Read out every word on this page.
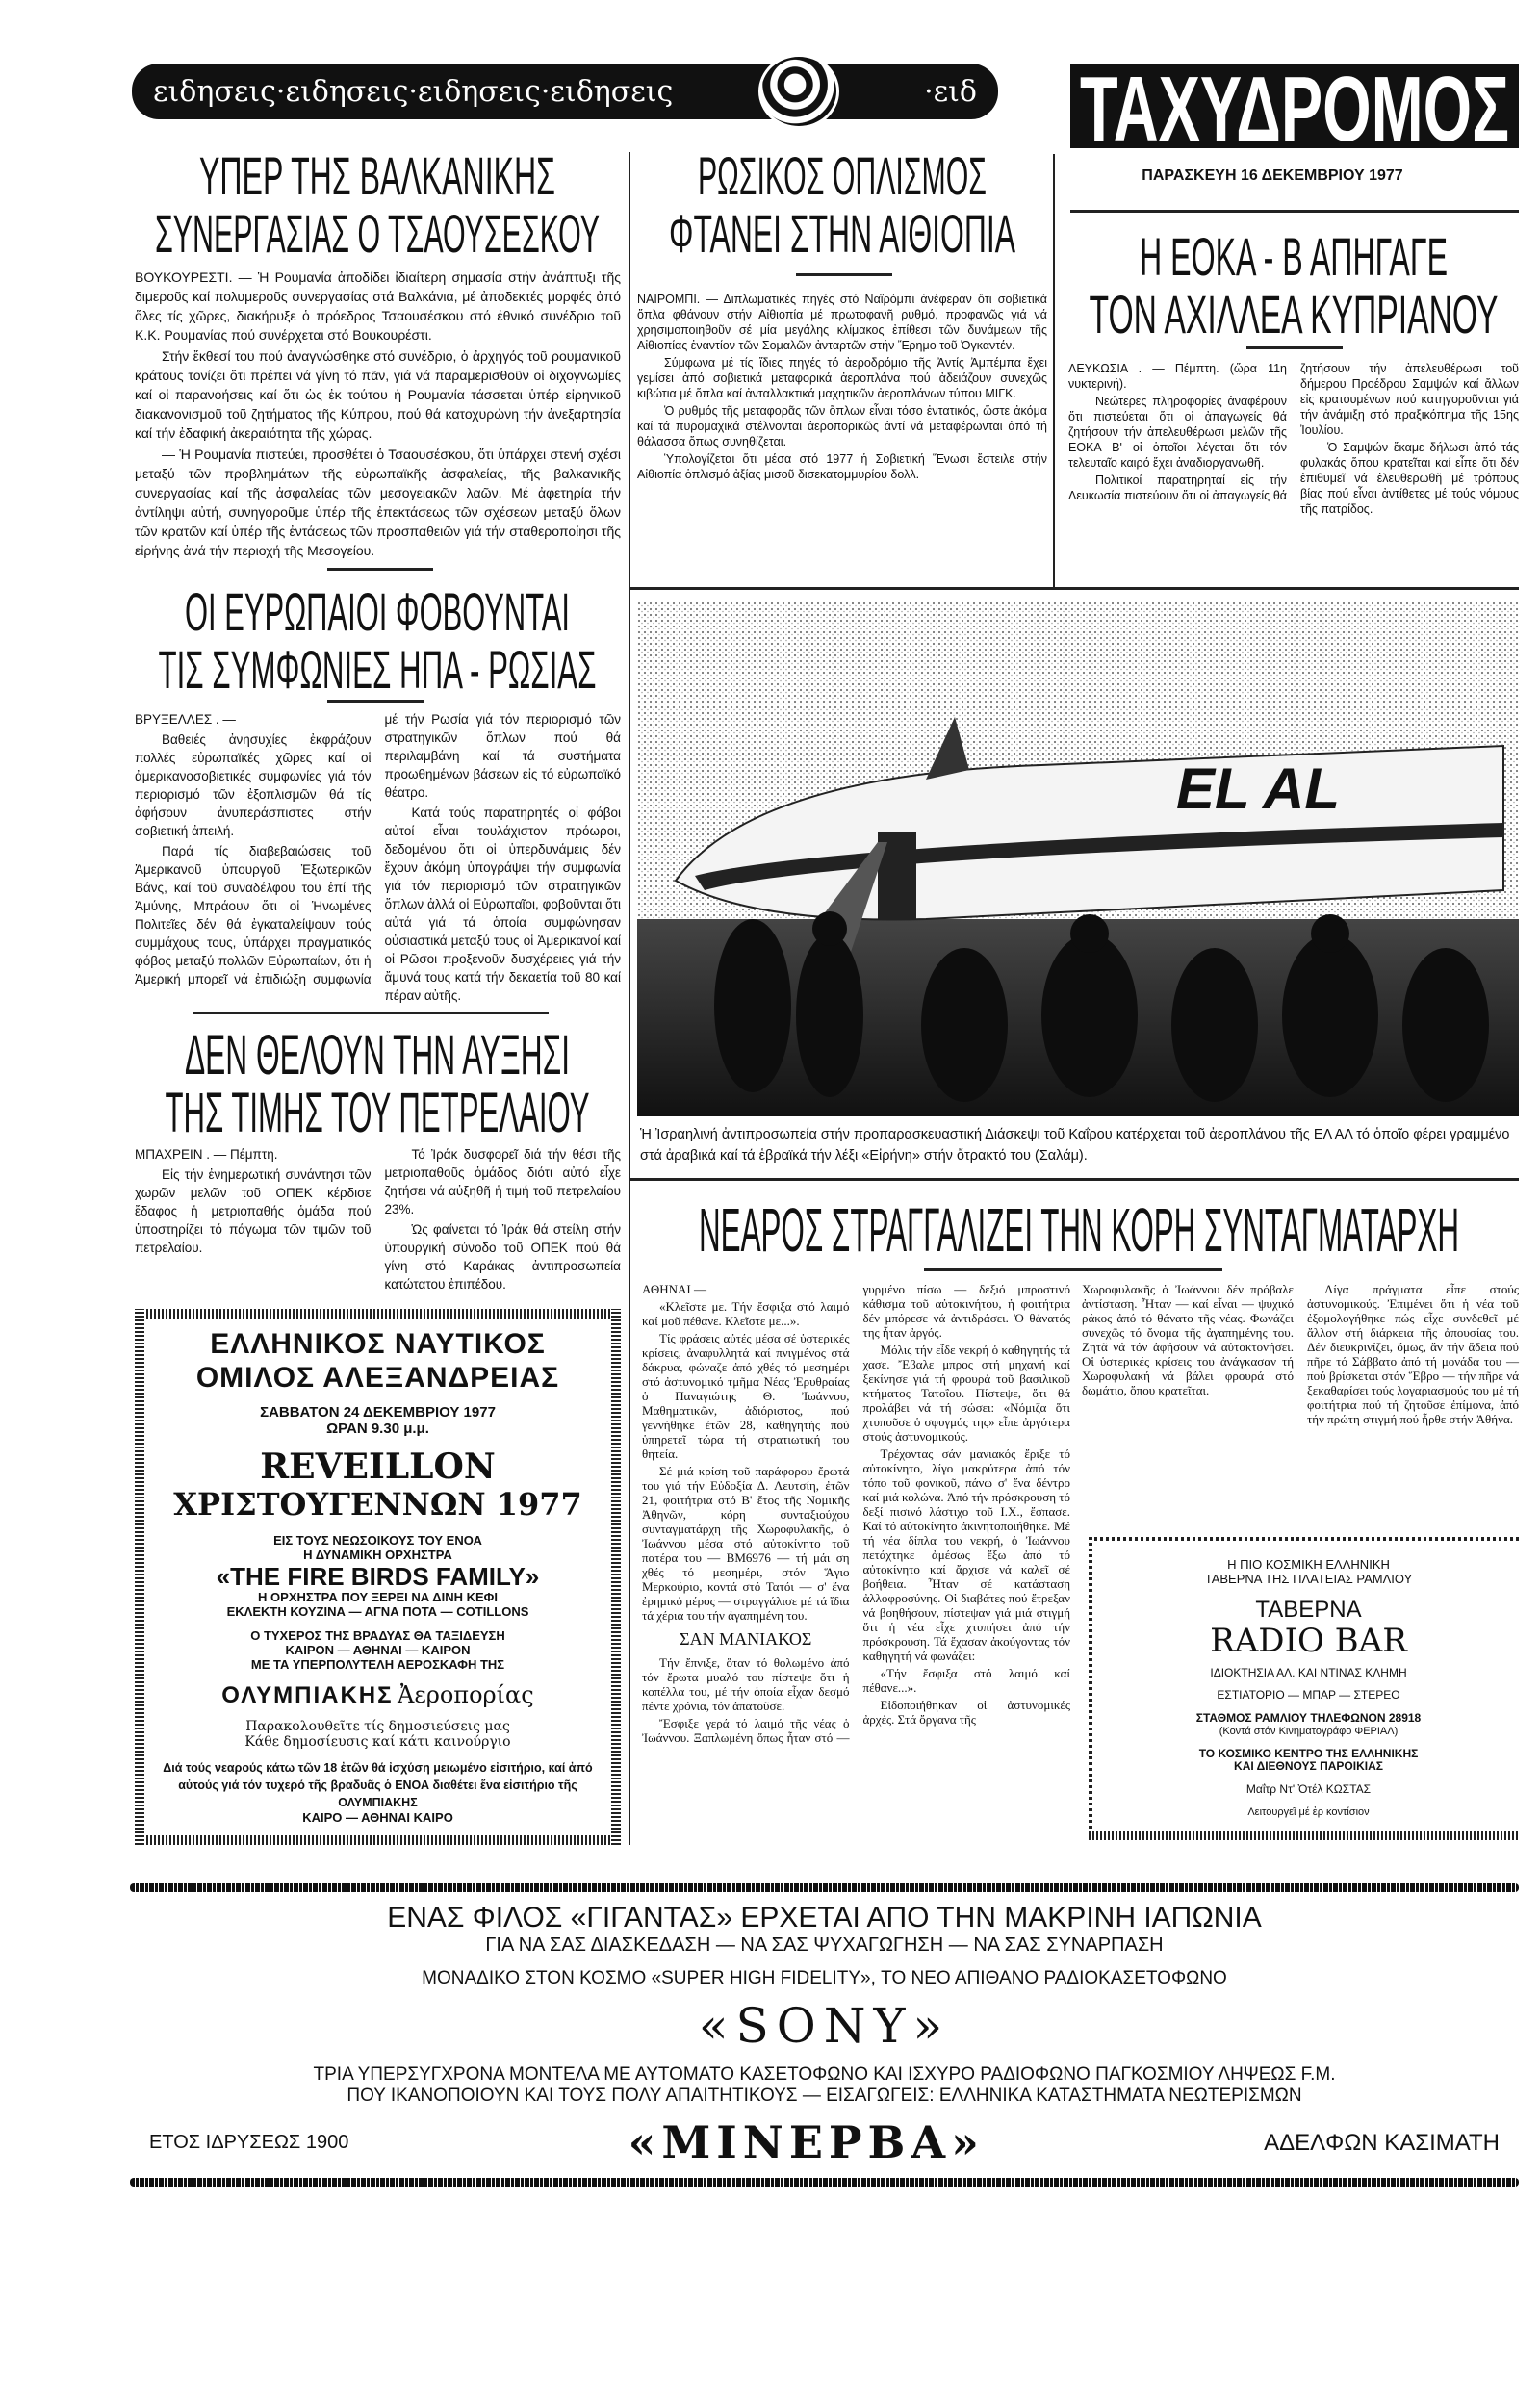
ειδησεις·ειδησεις·ειδησεις·ειδησεις	·ειδ ΤΑΧΥΔΡΟΜΟΣ
ΠΑΡΑΣΚΕΥΗ 16 ΔΕΚΕΜΒΡΙΟΥ 1977
ΡΩΣΙΚΟΣ ΟΠΛΙΣΜΟΣ
ΦΤΑΝΕΙ ΣΤΗΝ ΑΙΘΙΟΠΙΑ

ΝΑΙΡΟΜΠΙ. — Διπλωματικές πηγές στό Ναϊρόμπι ἀνέφεραν ὅτι σοβιετικά ὅπλα φθάνουν στήν Αἰθιοπία μέ πρωτοφανῆ ρυθμό, προφανῶς γιά νά χρησιμοποιηθοῦν σέ μία μεγάλης κλίμακος ἐπίθεσι τῶν δυνάμεων τῆς Αἰθιοπίας ἐναντίον τῶν Σομαλῶν ἀνταρτῶν στήν Ἔρημο τοῦ Ὀγκαντέν.

Σύμφωνα μέ τίς ἴδιες πηγές τό ἀεροδρόμιο τῆς Ἀντίς Ἀμπέμπα ἔχει γεμίσει ἀπό σοβιετικά μεταφορικά ἀεροπλάνα πού ἀδειάζουν συνεχῶς κιβώτια μέ ὅπλα καί ἀνταλλακτικά μαχητικῶν ἀεροπλάνων τύπου ΜΙΓΚ.

Ὁ ρυθμός τῆς μεταφορᾶς τῶν ὅπλων εἶναι τόσο ἐντατικός, ὥστε ἀκόμα καί τά πυρομαχικά στέλνονται ἀεροπορικῶς ἀντί νά μεταφέρωνται ἀπό τή θάλασσα ὅπως συνηθίζεται.

Ὑπολογίζεται ὅτι μέσα στό 1977 ἡ Σοβιετική Ἕνωσι ἔστειλε στήν Αἰθιοπία ὁπλισμό ἀξίας μισοῦ δισεκατομμυρίου δολλ.

Η ΕΟΚΑ - Β ΑΠΗΓΑΓΕ
ΤΟΝ ΑΧΙΛΛΕΑ ΚΥΠΡΙΑΝΟΥ

ΛΕΥΚΩΣΙΑ . — Πέμπτη. (ὥρα 11η νυκτερινή).

Νεώτερες πληροφορίες ἀναφέρουν ὅτι πιστεύεται ὅτι οἱ ἀπαγωγείς θά ζητήσουν τήν ἀπελευθέρωσι μελῶν τῆς ΕΟΚΑ Β' οἱ ὁποῖοι λέγεται ὅτι τόν τελευταῖο καιρό ἔχει ἀναδιοργανωθῆ.

Πολιτικοί παρατηρηταί εἰς τήν Λευκωσία πιστεύουν ὅτι οἱ ἀπαγωγείς θά ζητήσουν τήν ἀπελευθέρωσι τοῦ δήμερου Προέδρου Σαμψών καί ἄλλων εἰς κρατουμένων πού κατηγοροῦνται γιά τήν ἀνάμιξη στό πραξικόπημα τῆς 15ης Ἰουλίου.

Ὁ Σαμψών ἔκαμε δήλωσι ἀπό τάς φυλακάς ὅπου κρατεῖται καί εἶπε ὅτι δέν ἐπιθυμεῖ νά ἐλευθερωθῆ μέ τρόπους βίας πού εἶναι ἀντίθετες μέ τούς νόμους τῆς πατρίδος.

EL AL
Ἡ Ἰσραηλινή ἀντιπροσωπεία στήν προπαρασκευαστική Διάσκεψι τοῦ Καΐρου κατέρχεται τοῦ ἀεροπλάνου τῆς ΕΛ ΑΛ τό ὁποῖο φέρει γραμμένο στά ἀραβικά καί τά ἑβραϊκά τήν λέξι «Εἰρήνη» στήν ὄτρακτό του (Σαλάμ).
ΝΕΑΡΟΣ ΣΤΡΑΓΓΑΛΙΖΕΙ ΤΗΝ ΚΟΡΗ ΣΥΝΤΑΓΜΑΤΑΡΧΗ

ΑΘΗΝΑΙ —

«Κλεῖστε με. Τήν ἔσφιξα στό λαιμό καί μοῦ πέθανε. Κλεῖστε με...».

Τίς φράσεις αὐτές μέσα σέ ὑστερικές κρίσεις, ἀναφυλλητά καί πνιγμένος στά δάκρυα, φώναζε ἀπό χθές τό μεσημέρι στό ἀστυνομικό τμῆμα Νέας Ἐρυθραίας ὁ Παναγιώτης Θ. Ἰωάννου, Μαθηματικῶν, ἀδιόριστος, πού γεννήθηκε ἐτῶν 28, καθηγητής πού ὑπηρετεῖ τώρα τή στρατιωτική του θητεία.

Σέ μιά κρίση τοῦ παράφορου ἔρωτά του γιά τήν Εὐδοξία Δ. Λευτσίη, ἐτῶν 21, φοιτήτρια στό Β' ἔτος τῆς Νομικῆς Ἀθηνῶν, κόρη συνταξιούχου συνταγματάρχη τῆς Χωροφυλακῆς, ὁ Ἰωάννου μέσα στό αὐτοκίνητο τοῦ πατέρα του — ΒΜ6976 — τή μάι ση χθές τό μεσημέρι, στόν Ἅγιο Μερκούριο, κοντά στό Τατόι — σ' ἕνα ἐρημικό μέρος — στραγγάλισε μέ τά ἴδια τά χέρια του τήν ἀγαπημένη του.

ΣΑΝ ΜΑΝΙΑΚΟΣ

Τήν ἔπνιξε, ὅταν τό θολωμένο ἀπό τόν ἔρωτα μυαλό του πίστεψε ὅτι ἡ κοπέλλα του, μέ τήν ὁποία εἶχαν δεσμό πέντε χρόνια, τόν ἀπατοῦσε.

Ἔσφιξε γερά τό λαιμό τῆς νέας ὁ Ἰωάννου. Ξαπλωμένη ὅπως ἦταν στό — γυρμένο πίσω — δεξιό μπροστινό κάθισμα τοῦ αὐτοκινήτου, ἡ φοιτήτρια δέν μπόρεσε νά ἀντιδράσει. Ὁ θάνατός της ἦταν ἀργός.

Μόλις τήν εἶδε νεκρή ὁ καθηγητής τά χασε. Ἔβαλε μπρος στή μηχανή καί ξεκίνησε γιά τή φρουρά τοῦ βασιλικοῦ κτήματος Τατοΐου. Πίστεψε, ὅτι θά προλάβει νά τή σώσει: «Νόμιζα ὅτι χτυποῦσε ὁ σφυγμός της» εἶπε ἀργότερα στούς ἀστυνομικούς.

Τρέχοντας σάν μανιακός ἔριξε τό αὐτοκίνητο, λίγο μακρύτερα ἀπό τόν τόπο τοῦ φονικοῦ, πάνω σ' ἕνα δέντρο καί μιά κολώνα. Ἀπό τήν πρόσκρουση τό δεξί πισινό λάστιχο τοῦ Ι.Χ., ἔσπασε. Καί τό αὐτοκίνητο ἀκινητοποιήθηκε. Μέ τή νέα δίπλα του νεκρή, ὁ Ἰωάννου πετάχτηκε ἀμέσως ἔξω ἀπό τό αὐτοκίνητο καί ἄρχισε νά καλεῖ σέ βοήθεια. Ἦταν σέ κατάσταση ἀλλοφροσύνης. Οἱ διαβάτες πού ἔτρεξαν νά βοηθήσουν, πίστεψαν γιά μιά στιγμή ὅτι ἡ νέα εἶχε χτυπήσει ἀπό τήν πρόσκρουση. Τά ἔχασαν ἀκούγοντας τόν καθηγητή νά φωνάζει:

«Τήν ἔσφιξα στό λαιμό καί πέθανε...».

Εἰδοποιήθηκαν οἱ ἀστυνομικές ἀρχές. Στά ὄργανα τῆς

Χωροφυλακῆς ὁ Ἰωάννου δέν πρόβαλε ἀντίσταση. Ἦταν — καί εἶναι — ψυχικό ράκος ἀπό τό θάνατο τῆς νέας. Φωνάζει συνεχῶς τό ὄνομα τῆς ἀγαπημένης του. Ζητᾶ νά τόν ἀφήσουν νά αὐτοκτονήσει. Οἱ ὑστερικές κρίσεις του ἀνάγκασαν τή Χωροφυλακή νά βάλει φρουρά στό δωμάτιο, ὅπου κρατεῖται.

Λίγα πράγματα εἶπε στούς ἀστυνομικούς. Ἐπιμένει ὅτι ἡ νέα τοῦ ἐξομολογήθηκε πώς εἶχε συνδεθεῖ μέ ἄλλον στή διάρκεια τῆς ἀπουσίας του. Δέν διευκρινίζει, ὅμως, ἄν τήν ἄδεια πού πῆρε τό Σάββατο ἀπό τή μονάδα του — πού βρίσκεται στόν Ἕβρο — τήν πῆρε νά ξεκαθαρίσει τούς λογαριασμούς του μέ τή φοιτήτρια πού τή ζητοῦσε ἐπίμονα, ἀπό τήν πρώτη στιγμή πού ἦρθε στήν Ἀθήνα.

Η ΠΙΟ ΚΟΣΜΙΚΗ ΕΛΛΗΝΙΚΗ
ΤΑΒΕΡΝΑ ΤΗΣ ΠΛΑΤΕΙΑΣ ΡΑΜΛΙΟΥ
ΤΑΒΕΡΝΑ
RADIO BAR
ΙΔΙΟΚΤΗΣΙΑ ΑΛ. ΚΑΙ ΝΤΙΝΑΣ ΚΛΗΜΗ
ΕΣΤΙΑΤΟΡΙΟ — ΜΠΑΡ — ΣΤΕΡΕΟ
ΣΤΑΘΜΟΣ ΡΑΜΛΙΟΥ ΤΗΛΕΦΩΝΟΝ 28918
(Κοντά στόν Κινηματογράφο ΦΕΡΙΑΛ)
ΤΟ ΚΟΣΜΙΚΟ ΚΕΝΤΡΟ ΤΗΣ ΕΛΛΗΝΙΚΗΣ
ΚΑΙ ΔΙΕΘΝΟΥΣ ΠΑΡΟΙΚΙΑΣ
Μαΐτρ Ντ' Ὀτέλ ΚΩΣΤΑΣ
Λειτουργεῖ μέ ἐρ κοντίσιον
ΥΠΕΡ ΤΗΣ ΒΑΛΚΑΝΙΚΗΣ
ΣΥΝΕΡΓΑΣΙΑΣ Ο ΤΣΑΟΥΣΕΣΚΟΥ

ΒΟΥΚΟΥΡΕΣΤΙ. — Ἡ Ρουμανία ἀποδίδει ἰδιαίτερη σημασία στήν ἀνάπτυξι τῆς διμεροῦς καί πολυμεροῦς συνεργασίας στά Βαλκάνια, μέ ἀποδεκτές μορφές ἀπό ὅλες τίς χῶρες, διακήρυξε ὁ πρόεδρος Τσαουσέσκου στό ἐθνικό συνέδριο τοῦ Κ.Κ. Ρουμανίας πού συνέρχεται στό Βουκουρέστι.

Στήν ἔκθεσί του πού ἀναγνώσθηκε στό συνέδριο, ὁ ἀρχηγός τοῦ ρουμανικοῦ κράτους τονίζει ὅτι πρέπει νά γίνη τό πᾶν, γιά νά παραμερισθοῦν οἱ διχογνωμίες καί οἱ παρανοήσεις καί ὅτι ὡς ἐκ τούτου ἡ Ρουμανία τάσσεται ὑπέρ εἰρηνικοῦ διακανονισμοῦ τοῦ ζητήματος τῆς Κύπρου, πού θά κατοχυρώνη τήν ἀνεξαρτησία καί τήν ἐδαφική ἀκεραιότητα τῆς χώρας.

— Ἡ Ρουμανία πιστεύει, προσθέτει ὁ Τσαουσέσκου, ὅτι ὑπάρχει στενή σχέσι μεταξύ τῶν προβλημάτων τῆς εὐρωπαϊκῆς ἀσφαλείας, τῆς βαλκανικῆς συνεργασίας καί τῆς ἀσφαλείας τῶν μεσογειακῶν λαῶν. Μέ ἀφετηρία τήν ἀντίληψι αὐτή, συνηγοροῦμε ὑπέρ τῆς ἐπεκτάσεως τῶν σχέσεων μεταξύ ὅλων τῶν κρατῶν καί ὑπέρ τῆς ἐντάσεως τῶν προσπαθειῶν γιά τήν σταθεροποίησι τῆς εἰρήνης ἀνά τήν περιοχή τῆς Μεσογείου.

ΟΙ ΕΥΡΩΠΑΙΟΙ ΦΟΒΟΥΝΤΑΙ
ΤΙΣ ΣΥΜΦΩΝΙΕΣ ΗΠΑ - ΡΩΣΙΑΣ

ΒΡΥΞΕΛΛΕΣ . —

Βαθειές ἀνησυχίες ἐκφράζουν πολλές εὐρωπαϊκές χῶρες καί οἱ ἀμερικανοσοβιετικές συμφωνίες γιά τόν περιορισμό τῶν ἐξοπλισμῶν θά τίς ἀφήσουν ἀνυπεράσπιστες στήν σοβιετική ἀπειλή.

Παρά τίς διαβεβαιώσεις τοῦ Ἀμερικανοῦ ὑπουργοῦ Ἐξωτερικῶν Βάνς, καί τοῦ συναδέλφου του ἐπί τῆς Ἀμύνης, Μπράουν ὅτι οἱ Ἡνωμένες Πολιτεῖες δέν θά ἐγκαταλείψουν τούς συμμάχους τους, ὑπάρχει πραγματικός φόβος μεταξύ πολλῶν Εὐρωπαίων, ὅτι ἡ Ἀμερική μπορεῖ νά ἐπιδιώξη συμφωνία μέ τήν Ρωσία γιά τόν περιορισμό τῶν στρατηγικῶν ὅπλων πού θά περιλαμβάνη καί τά συστήματα προωθημένων βάσεων εἰς τό εὐρωπαϊκό θέατρο.

Κατά τούς παρατηρητές οἱ φόβοι αὐτοί εἶναι τουλάχιστον πρόωροι, δεδομένου ὅτι οἱ ὑπερδυνάμεις δέν ἔχουν ἀκόμη ὑπογράψει τήν συμφωνία γιά τόν περιορισμό τῶν στρατηγικῶν ὅπλων ἀλλά οἱ Εὐρωπαῖοι, φοβοῦνται ὅτι αὐτά γιά τά ὁποία συμφώνησαν οὐσιαστικά μεταξύ τους οἱ Ἀμερικανοί καί οἱ Ρῶσοι προξενοῦν δυσχέρειες γιά τήν ἄμυνά τους κατά τήν δεκαετία τοῦ 80 καί πέραν αὐτῆς.

ΔΕΝ ΘΕΛΟΥΝ ΤΗΝ ΑΥΞΗΣΙ
ΤΗΣ ΤΙΜΗΣ ΤΟΥ ΠΕΤΡΕΛΑΙΟΥ

ΜΠΑΧΡΕΙΝ . — Πέμπτη.

Εἰς τήν ἐνημερωτική συνάντησι τῶν χωρῶν μελῶν τοῦ ΟΠΕΚ κέρδισε ἔδαφος ἡ μετριοπαθής ὁμάδα πού ὑποστηρίζει τό πάγωμα τῶν τιμῶν τοῦ πετρελαίου.

Τό Ἰράκ δυσφορεῖ διά τήν θέσι τῆς μετριοπαθοῦς ὁμάδος διότι αὐτό εἶχε ζητήσει νά αὐξηθῆ ἡ τιμή τοῦ πετρελαίου 23%.

Ὡς φαίνεται τό Ἰράκ θά στείλη στήν ὑπουργική σύνοδο τοῦ ΟΠΕΚ πού θά γίνη στό Καράκας ἀντιπροσωπεία κατώτατου ἐπιπέδου.

ΕΛΛΗΝΙΚΟΣ ΝΑΥΤΙΚΟΣ
ΟΜΙΛΟΣ ΑΛΕΞΑΝΔΡΕΙΑΣ
ΣΑΒΒΑΤΟΝ 24 ΔΕΚΕΜΒΡΙΟΥ 1977
ΩΡΑΝ 9.30 μ.μ.
REVEILLON
ΧΡΙΣΤΟΥΓΕΝΝΩΝ 1977
ΕΙΣ ΤΟΥΣ ΝΕΩΣΟΙΚΟΥΣ ΤΟΥ ΕΝΟΑ
Η ΔΥΝΑΜΙΚΗ ΟΡΧΗΣΤΡΑ
«THE FIRE BIRDS FAMILY»
Η ΟΡΧΗΣΤΡΑ ΠΟΥ ΞΕΡΕΙ ΝΑ ΔΙΝΗ ΚΕΦΙ
ΕΚΛΕΚΤΗ ΚΟΥΖΙΝΑ — ΑΓΝΑ ΠΟΤΑ — COTILLONS
Ο ΤΥΧΕΡΟΣ ΤΗΣ ΒΡΑΔΥΑΣ ΘΑ ΤΑΞΙΔΕΥΣΗ
ΚΑΙΡΟΝ — ΑΘΗΝΑΙ — ΚΑΙΡΟΝ
ΜΕ ΤΑ ΥΠΕΡΠΟΛΥΤΕΛΗ ΑΕΡΟΣΚΑΦΗ ΤΗΣ
ΟΛΥΜΠΙΑΚΗΣ Ἀεροπορίας
Παρακολουθεῖτε τίς δημοσιεύσεις μας
Κάθε δημοσίευσις καί κάτι καινούργιο
Διά τούς νεαρούς κάτω τῶν 18 ἐτῶν θά ἰσχύση μειωμένο εἰσιτήριο, καί ἀπό αὐτούς γιά τόν τυχερό τῆς βραδυᾶς ὁ ΕΝΟΑ διαθέτει ἕνα εἰσιτήριο τῆς ΟΛΥΜΠΙΑΚΗΣ
ΚΑΙΡΟ — ΑΘΗΝΑΙ ΚΑΙΡΟ
ΕΝΑΣ ΦΙΛΟΣ «ΓΙΓΑΝΤΑΣ» ΕΡΧΕΤΑΙ ΑΠΟ ΤΗΝ ΜΑΚΡΙΝΗ ΙΑΠΩΝΙΑ
ΓΙΑ ΝΑ ΣΑΣ ΔΙΑΣΚΕΔΑΣΗ — ΝΑ ΣΑΣ ΨΥΧΑΓΩΓΗΣΗ — ΝΑ ΣΑΣ ΣΥΝΑΡΠΑΣΗ
ΜΟΝΑΔΙΚΟ ΣΤΟΝ ΚΟΣΜΟ «SUPER HIGH FIDELITY», ΤΟ ΝΕΟ ΑΠΙΘΑΝΟ ΡΑΔΙΟΚΑΣΕΤΟΦΩΝΟ
«SONY»
ΤΡΙΑ ΥΠΕΡΣΥΓΧΡΟΝΑ ΜΟΝΤΕΛΑ ΜΕ ΑΥΤΟΜΑΤΟ ΚΑΣΕΤΟΦΩΝΟ ΚΑΙ ΙΣΧΥΡΟ ΡΑΔΙΟΦΩΝΟ ΠΑΓΚΟΣΜΙΟΥ ΛΗΨΕΩΣ F.M.
ΠΟΥ ΙΚΑΝΟΠΟΙΟΥΝ ΚΑΙ ΤΟΥΣ ΠΟΛΥ ΑΠΑΙΤΗΤΙΚΟΥΣ — ΕΙΣΑΓΩΓΕΙΣ: ΕΛΛΗΝΙΚΑ ΚΑΤΑΣΤΗΜΑΤΑ ΝΕΩΤΕΡΙΣΜΩΝ
ΕΤΟΣ ΙΔΡΥΣΕΩΣ 1900	«ΜΙΝΕΡΒΑ»	ΑΔΕΛΦΩΝ ΚΑΣΙΜΑΤΗ
